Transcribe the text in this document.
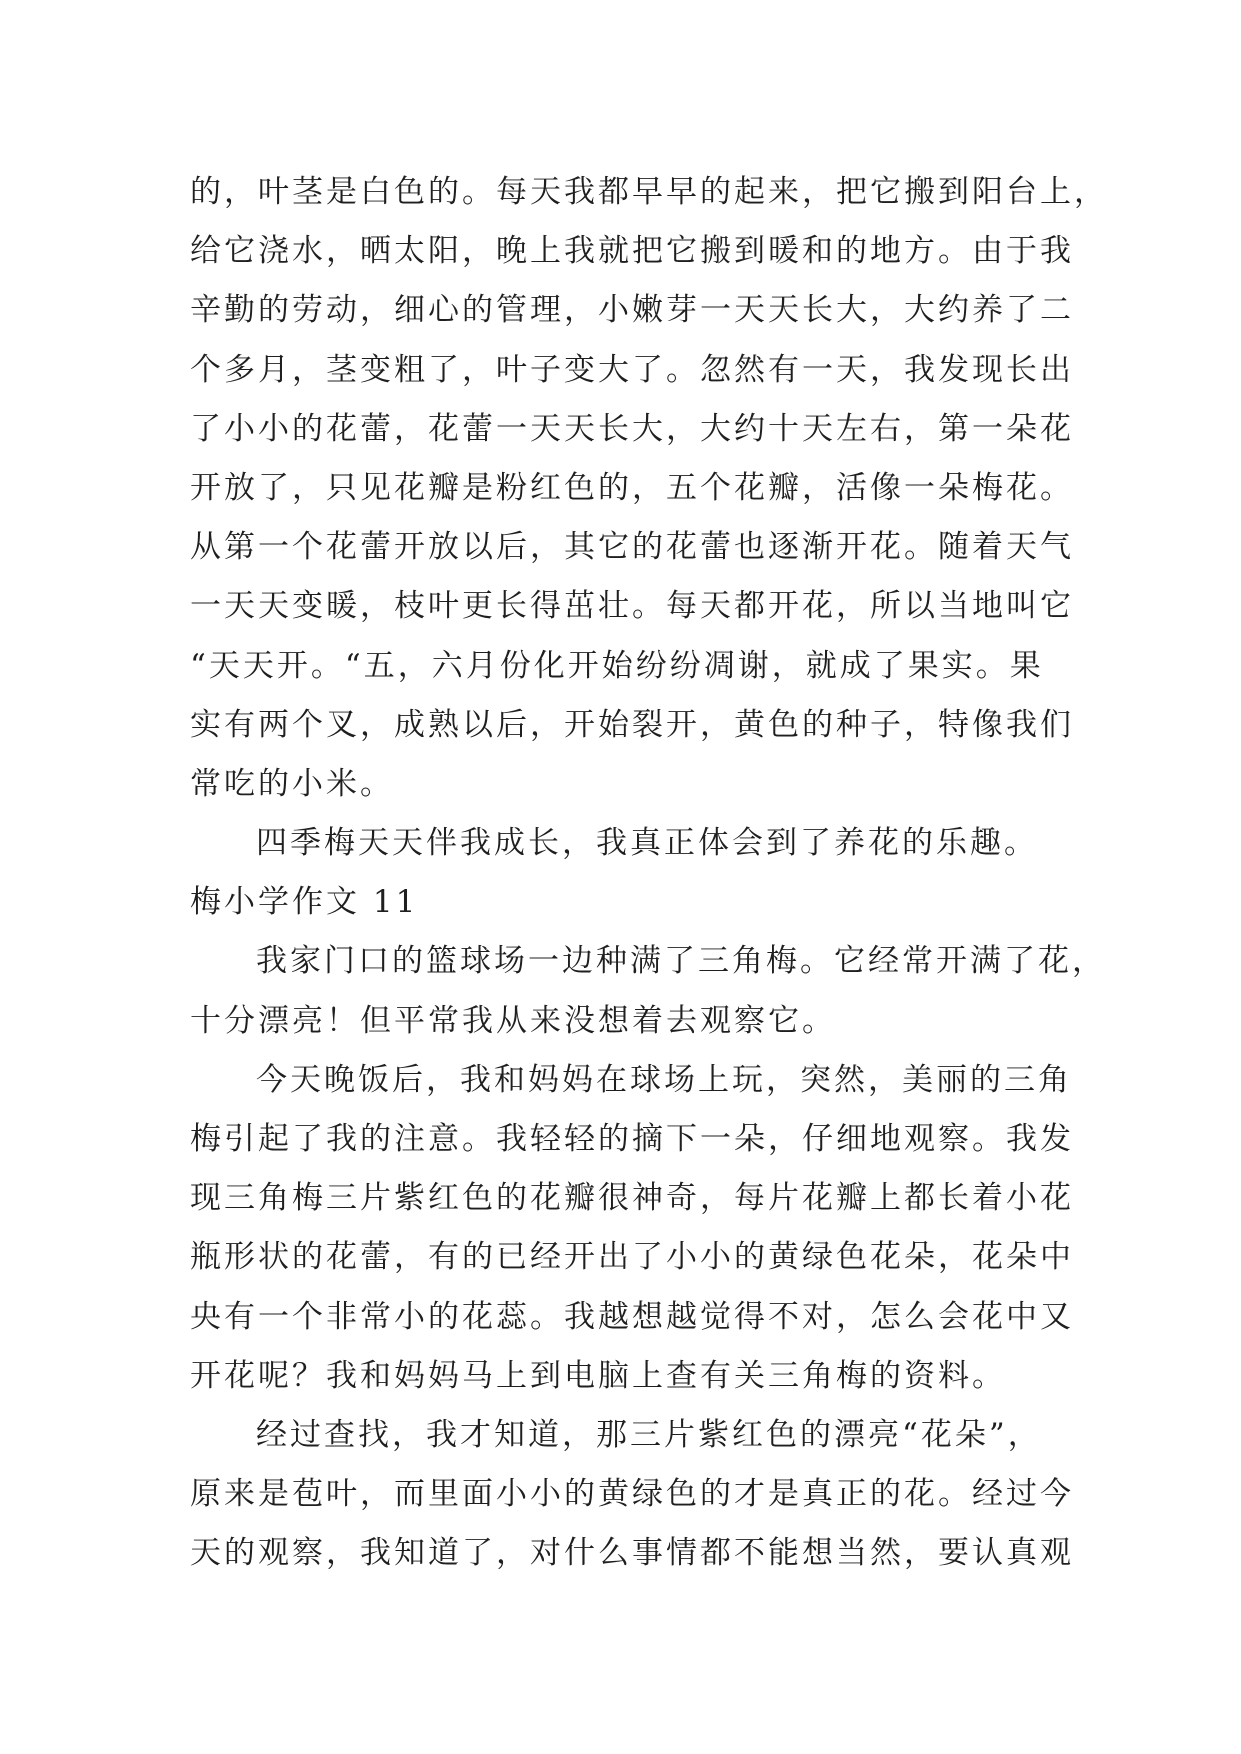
的，叶茎是白色的。每天我都早早的起来，把它搬到阳台上，
给它浇水，晒太阳，晚上我就把它搬到暖和的地方。由于我
辛勤的劳动，细心的管理，小嫩芽一天天长大，大约养了二
个多月，茎变粗了，叶子变大了。忽然有一天，我发现长出
了小小的花蕾，花蕾一天天长大，大约十天左右，第一朵花
开放了，只见花瓣是粉红色的，五个花瓣，活像一朵梅花。
从第一个花蕾开放以后，其它的花蕾也逐渐开花。随着天气
一天天变暖，枝叶更长得茁壮。每天都开花，所以当地叫它
“天天开。“五，六月份化开始纷纷凋谢，就成了果实。果
实有两个叉，成熟以后，开始裂开，黄色的种子，特像我们
常吃的小米。
四季梅天天伴我成长，我真正体会到了养花的乐趣。
梅小学作文 11
我家门口的篮球场一边种满了三角梅。它经常开满了花，
十分漂亮！但平常我从来没想着去观察它。
今天晚饭后，我和妈妈在球场上玩，突然，美丽的三角
梅引起了我的注意。我轻轻的摘下一朵，仔细地观察。我发
现三角梅三片紫红色的花瓣很神奇，每片花瓣上都长着小花
瓶形状的花蕾，有的已经开出了小小的黄绿色花朵，花朵中
央有一个非常小的花蕊。我越想越觉得不对，怎么会花中又
开花呢？我和妈妈马上到电脑上查有关三角梅的资料。
经过查找，我才知道，那三片紫红色的漂亮“花朵”，
原来是苞叶，而里面小小的黄绿色的才是真正的花。经过今
天的观察，我知道了，对什么事情都不能想当然，要认真观
